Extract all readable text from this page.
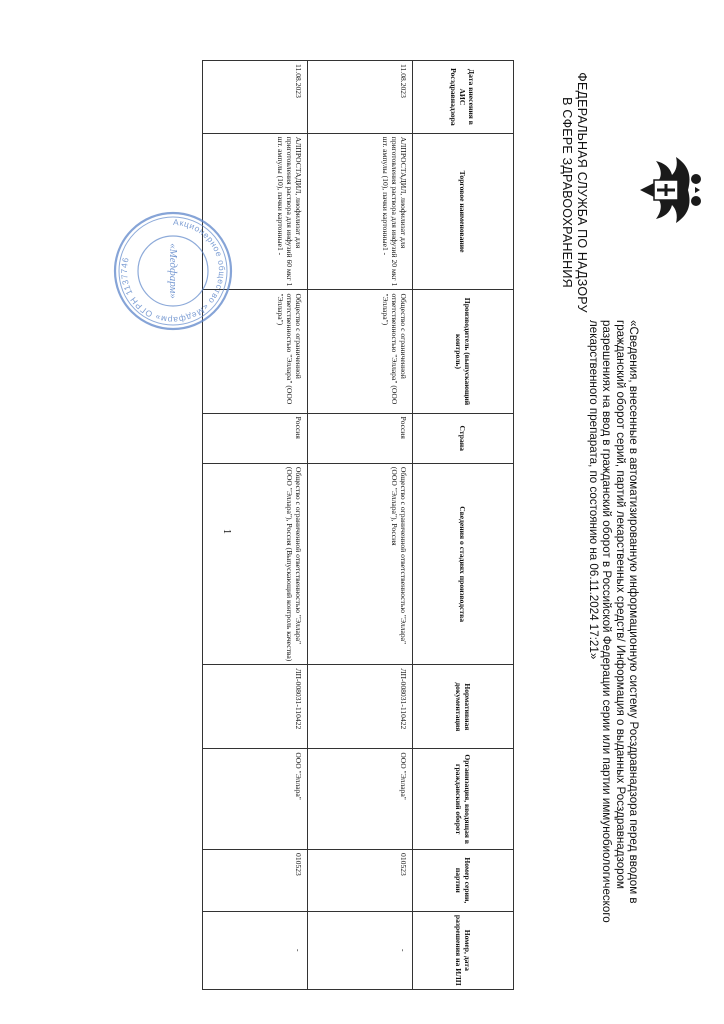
ФЕДЕРАЛЬНАЯ СЛУЖБА ПО НАДЗОРУ
В СФЕРЕ ЗДРАВООХРАНЕНИЯ
«Сведения, внесенные в автоматизированную информационную систему Росздравнадзора перед вводом в гражданский оборот серий, партий лекарственных средств/ Информация о выданных Росздравнадзором разрешениях на ввод в гражданский оборот в Российской Федерации серии или партии иммунобиологического лекарственного препарата, по состоянию на 06.11.2024 17:21»
Дата внесения в АИС Росздравнадзора	Торговое наименование	Производитель (выпускающий контроль)	Страна	Сведения о стадиях производства	Нормативная документация	Организация, вводящая в гражданский оборот	Номер серии, партии	Номер, дата разрешения на ИЛП
11.08.2023	АЛПРОСТАДИЛ, лиофилизат для приготовления раствора для инфузий 20 мкг 1 шт. ампулы (10), пачки картонные1 -	Общество с ограниченной ответственностью "Эллара" (ООО "Эллара")	Россия	Общество с ограниченной ответственностью "Эллара" (ООО "Эллара"), Россия	ЛП-008031-110422	ООО "Эллара"	010523	-
11.08.2023	АЛПРОСТАДИЛ, лиофилизат для приготовления раствора для инфузий 60 мкг 1 шт. ампулы (10), пачки картонные1 -	Общество с ограниченной ответственностью "Эллара" (ООО "Эллара")	Россия	Общество с ограниченной ответственностью "Эллара" (ООО "Эллара"), Россия (Выпускающий контроль качества)	ЛП-008031-110422	ООО "Эллара"	010523	-
Акционерное общество «Медфарм» ОГРН 1137746	«Медфарм»
1
